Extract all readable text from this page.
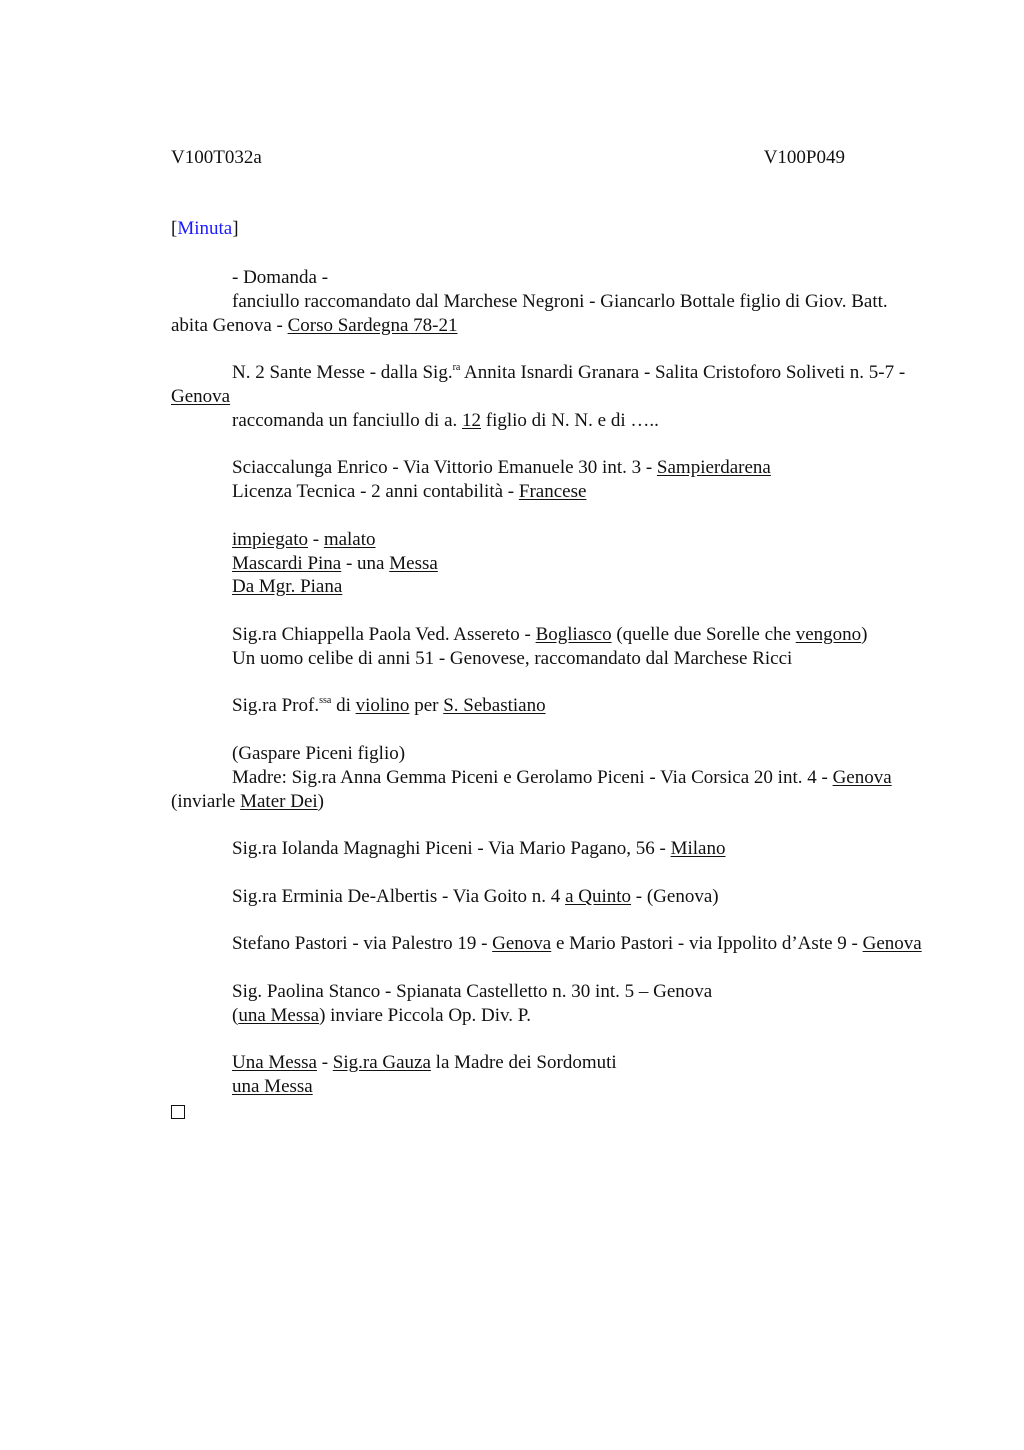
V100T032a	V100P049
[Minuta]

- Domanda -

fanciullo raccomandato dal Marchese Negroni - Giancarlo Bottale figlio di Giov. Batt. abita Genova - Corso Sardegna 78-21

N. 2 Sante Messe - dalla Sig.$^{ra}$ Annita Isnardi Granara - Salita Cristoforo Soliveti n. 5-7 - Genova

raccomanda un fanciullo di a. 12 figlio di N. N. e di …..

Sciaccalunga Enrico - Via Vittorio Emanuele 30 int. 3 - Sampierdarena

Licenza Tecnica - 2 anni contabilità - Francese

impiegato - malato

Mascardi Pina - una Messa

Da Mgr. Piana

Sig.ra Chiappella Paola Ved. Assereto - Bogliasco (quelle due Sorelle che vengono)

Un uomo celibe di anni 51 - Genovese, raccomandato dal Marchese Ricci

Sig.ra Prof.$^{ssa}$ di violino per S. Sebastiano

(Gaspare Piceni figlio)

Madre: Sig.ra Anna Gemma Piceni e Gerolamo Piceni - Via Corsica 20 int. 4 - Genova (inviarle Mater Dei)

Sig.ra Iolanda Magnaghi Piceni - Via Mario Pagano, 56 - Milano

Sig.ra Erminia De-Albertis - Via Goito n. 4 a Quinto - (Genova)

Stefano Pastori - via Palestro 19 - Genova e Mario Pastori - via Ippolito d’Aste 9 - Genova

Sig. Paolina Stanco - Spianata Castelletto n. 30 int. 5 – Genova

(una Messa) inviare Piccola Op. Div. P.

Una Messa - Sig.ra Gauza la Madre dei Sordomuti

una Messa
